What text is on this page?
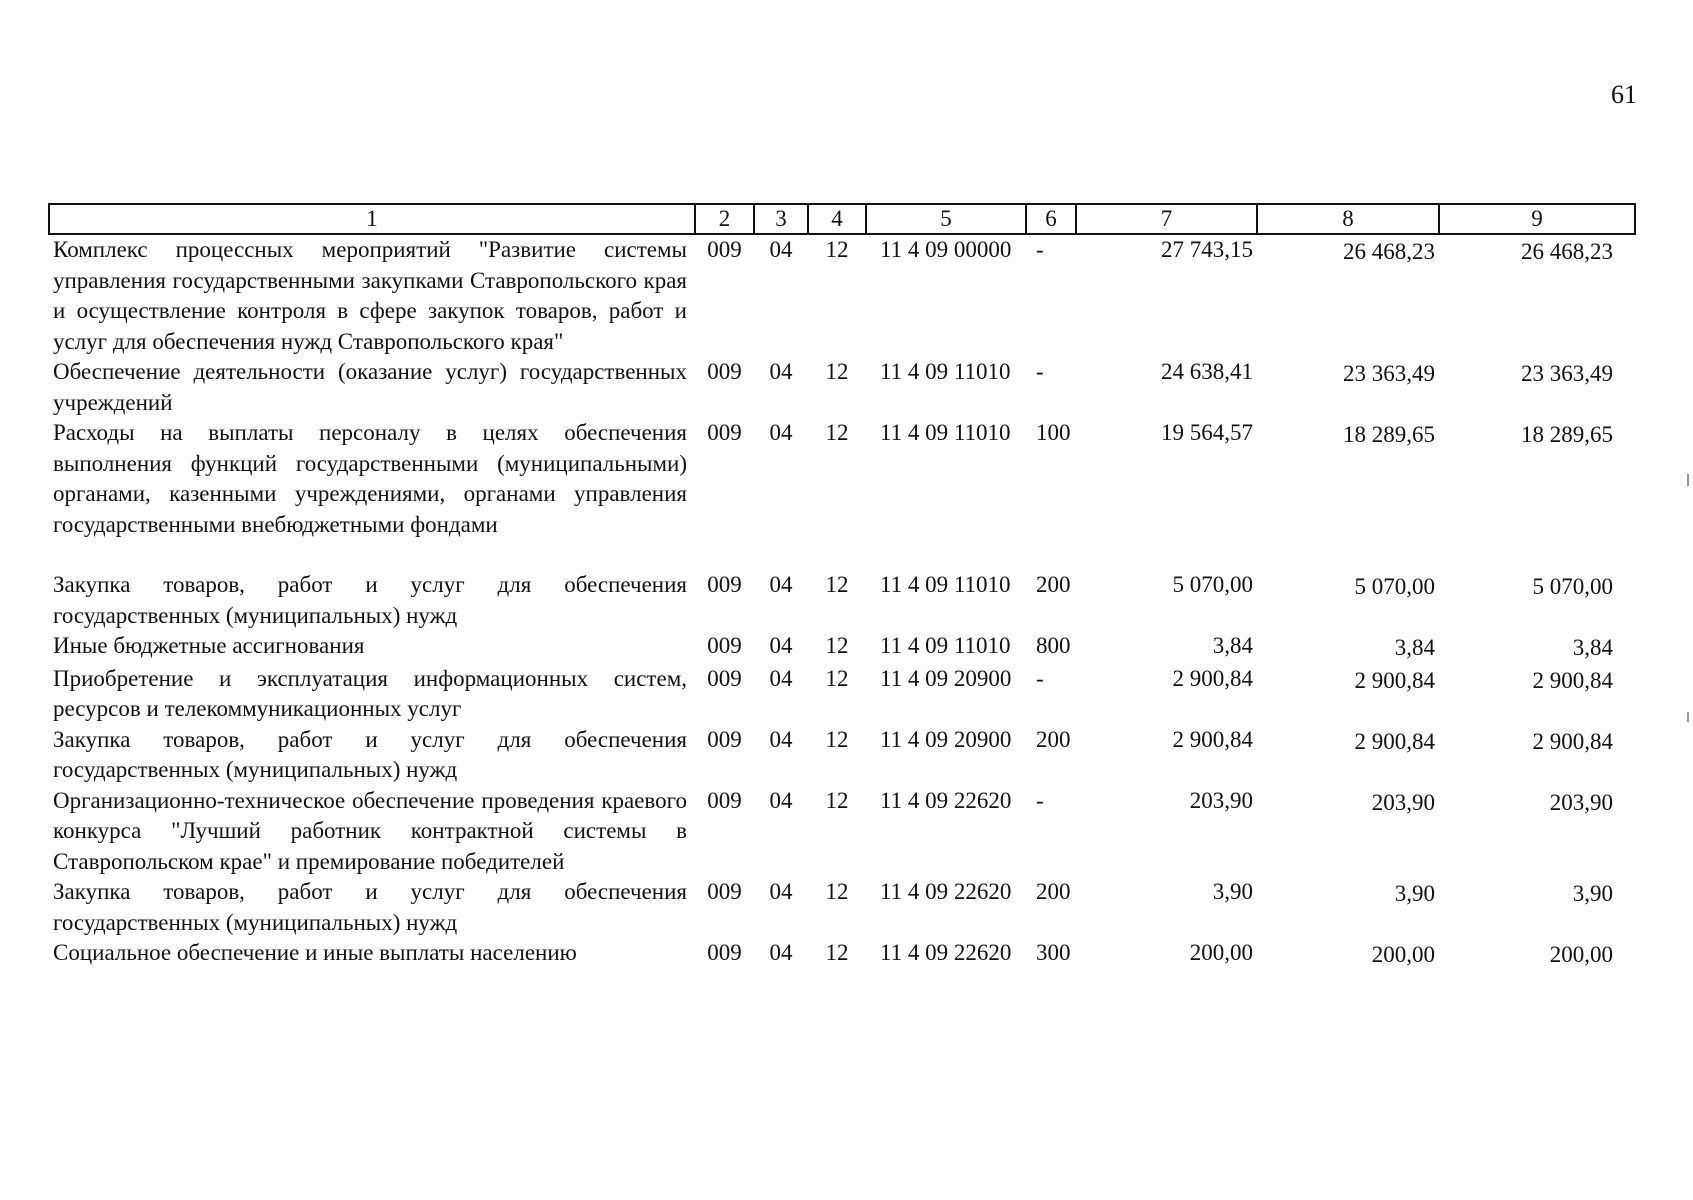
61
1	2	3	4	5	6	7	8	9
Комплекс процессных мероприятий "Развитие системы управления государственными закупками Ставропольского края и осуществление контроля в сфере закупок товаров, работ и услуг для обеспечения нужд Ставропольского края"	009	04	12	11 4 09 00000	-	27 743,15	26 468,23	26 468,23
Обеспечение деятельности (оказание услуг) государственных учреждений	009	04	12	11 4 09 11010	-	24 638,41	23 363,49	23 363,49
Расходы на выплаты персоналу в целях обеспечения выполнения функций государственными (муниципальными) органами, казенными учреждениями, органами управления государственными внебюджетными фондами	009	04	12	11 4 09 11010	100	19 564,57	18 289,65	18 289,65
Закупка товаров, работ и услуг для обеспечения государственных (муниципальных) нужд	009	04	12	11 4 09 11010	200	5 070,00	5 070,00	5 070,00
Иные бюджетные ассигнования	009	04	12	11 4 09 11010	800	3,84	3,84	3,84
Приобретение и эксплуатация информационных систем, ресурсов и телекоммуникационных услуг	009	04	12	11 4 09 20900	-	2 900,84	2 900,84	2 900,84
Закупка товаров, работ и услуг для обеспечения государственных (муниципальных) нужд	009	04	12	11 4 09 20900	200	2 900,84	2 900,84	2 900,84
Организационно-техническое обеспечение проведения краевого конкурса "Лучший работник контрактной системы в Ставропольском крае" и премирование победителей	009	04	12	11 4 09 22620	-	203,90	203,90	203,90
Закупка товаров, работ и услуг для обеспечения государственных (муниципальных) нужд	009	04	12	11 4 09 22620	200	3,90	3,90	3,90
Социальное обеспечение и иные выплаты населению	009	04	12	11 4 09 22620	300	200,00	200,00	200,00
